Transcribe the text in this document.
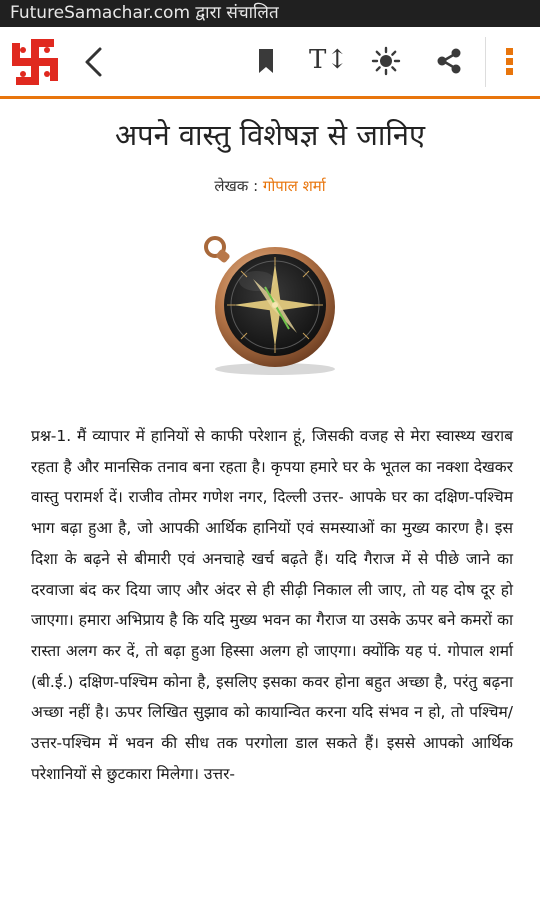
FutureSamachar.com द्वारा संचालित
T↕
अपने वास्तु विशेषज्ञ से जानिए
लेखक : गोपाल शर्मा
प्रश्न-1. मैं व्यापार में हानियों से काफी परेशान हूं, जिसकी वजह से मेरा स्वास्थ्य खराब रहता है और मानसिक तनाव बना रहता है। कृपया हमारे घर के भूतल का नक्शा देखकर वास्तु परामर्श दें। राजीव तोमर गणेश नगर, दिल्ली उत्तर- आपके घर का दक्षिण-पश्चिम भाग बढ़ा हुआ है, जो आपकी आर्थिक हानियों एवं समस्याओं का मुख्य कारण है। इस दिशा के बढ़ने से बीमारी एवं अनचाहे खर्च बढ़ते हैं। यदि गैराज में से पीछे जाने का दरवाजा बंद कर दिया जाए और अंदर से ही सीढ़ी निकाल ली जाए, तो यह दोष दूर हो जाएगा। हमारा अभिप्राय है कि यदि मुख्य भवन का गैराज या उसके ऊपर बने कमरों का रास्ता अलग कर दें, तो बढ़ा हुआ हिस्सा अलग हो जाएगा। क्योंकि यह पं. गोपाल शर्मा (बी.ई.) दक्षिण-पश्चिम कोना है, इसलिए इसका कवर होना बहुत अच्छा है, परंतु बढ़ना अच्छा नहीं है। ऊपर लिखित सुझाव को कायान्वित करना यदि संभव न हो, तो पश्चिम/उत्तर-पश्चिम में भवन की सीध तक परगोला डाल सकते हैं। इससे आपको आर्थिक परेशानियों से छुटकारा मिलेगा। उत्तर-
